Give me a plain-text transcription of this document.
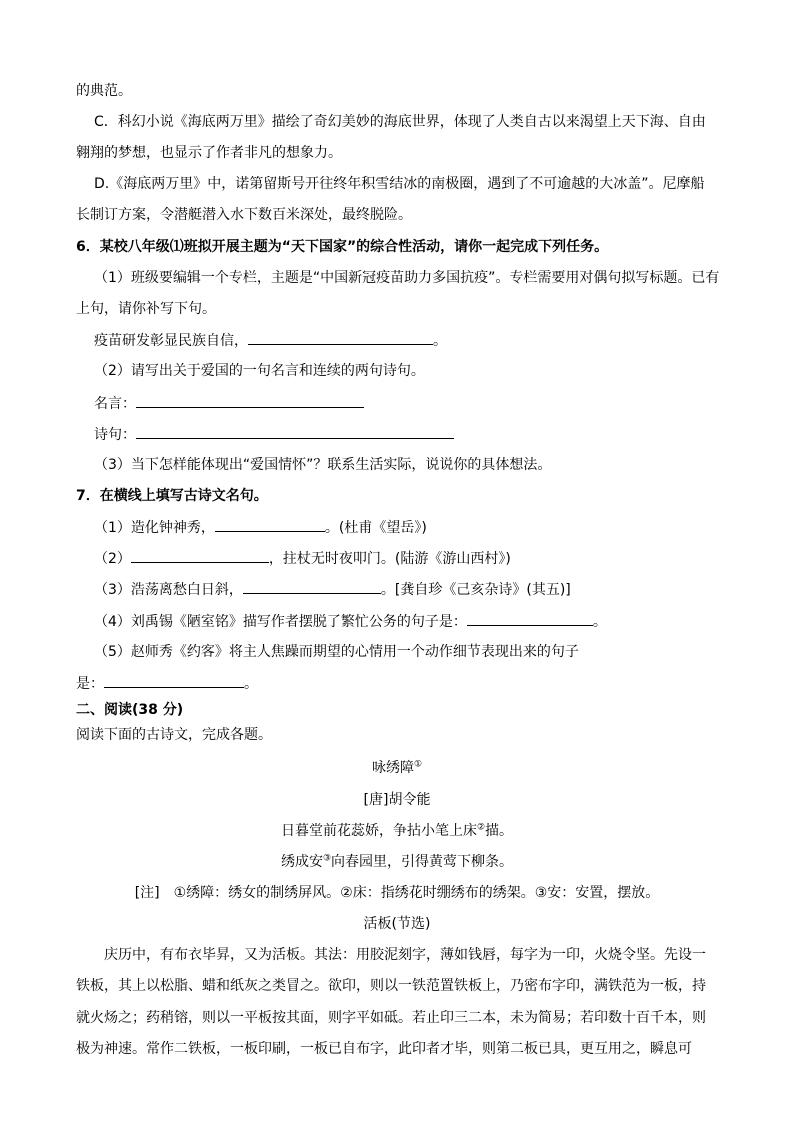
的典范。
C．科幻小说《海底两万里》描绘了奇幻美妙的海底世界，体现了人类自古以来渴望上天下海、自由
翱翔的梦想，也显示了作者非凡的想象力。
D.《海底两万里》中，诺第留斯号开往终年积雪结冰的南极圈，遇到了不可逾越的大冰盖”。尼摩船
长制订方案，令潜艇潜入水下数百米深处，最终脱险。
6．某校八年级⑴班拟开展主题为“天下国家”的综合性活动，请你一起完成下列任务。
（1）班级要编辑一个专栏，主题是“中国新冠疫苗助力多国抗疫”。专栏需要用对偶句拟写标题。已有
上句，请你补写下句。
疫苗研发彰显民族自信，	。
（2）请写出关于爱国的一句名言和连续的两句诗句。
名言：
诗句：
（3）当下怎样能体现出“爱国情怀”？联系生活实际，说说你的具体想法。
7．在横线上填写古诗文名句。
（1）造化钟神秀，	。(杜甫《望岳》)
（2）	，拄杖无时夜叩门。(陆游《游山西村》)
（3）浩荡离愁白日斜，	。[龚自珍《己亥杂诗》(其五)]
（4）刘禹锡《陋室铭》描写作者摆脱了繁忙公务的句子是：	。
（5）赵师秀《约客》将主人焦躁而期望的心情用一个动作细节表现出来的句子
是：	。
二、阅读(38 分)
阅读下面的古诗文，完成各题。
咏绣障①
[唐]胡令能
日暮堂前花蕊娇，争拈小笔上床②描。
绣成安③向春园里，引得黄莺下柳条。
[注]　①绣障：绣女的制绣屏风。②床：指绣花时绷绣布的绣架。③安：安置，摆放。
活板(节选)
庆历中，有布衣毕昇，又为活板。其法：用胶泥刻字，薄如钱唇，每字为一印，火烧令坚。先设一
铁板，其上以松脂、蜡和纸灰之类冒之。欲印，则以一铁范置铁板上，乃密布字印，满铁范为一板，持
就火炀之；药稍镕，则以一平板按其面，则字平如砥。若止印三二本，未为简易；若印数十百千本，则
极为神速。常作二铁板，一板印刷，一板已自布字，此印者才毕，则第二板已具，更互用之，瞬息可
